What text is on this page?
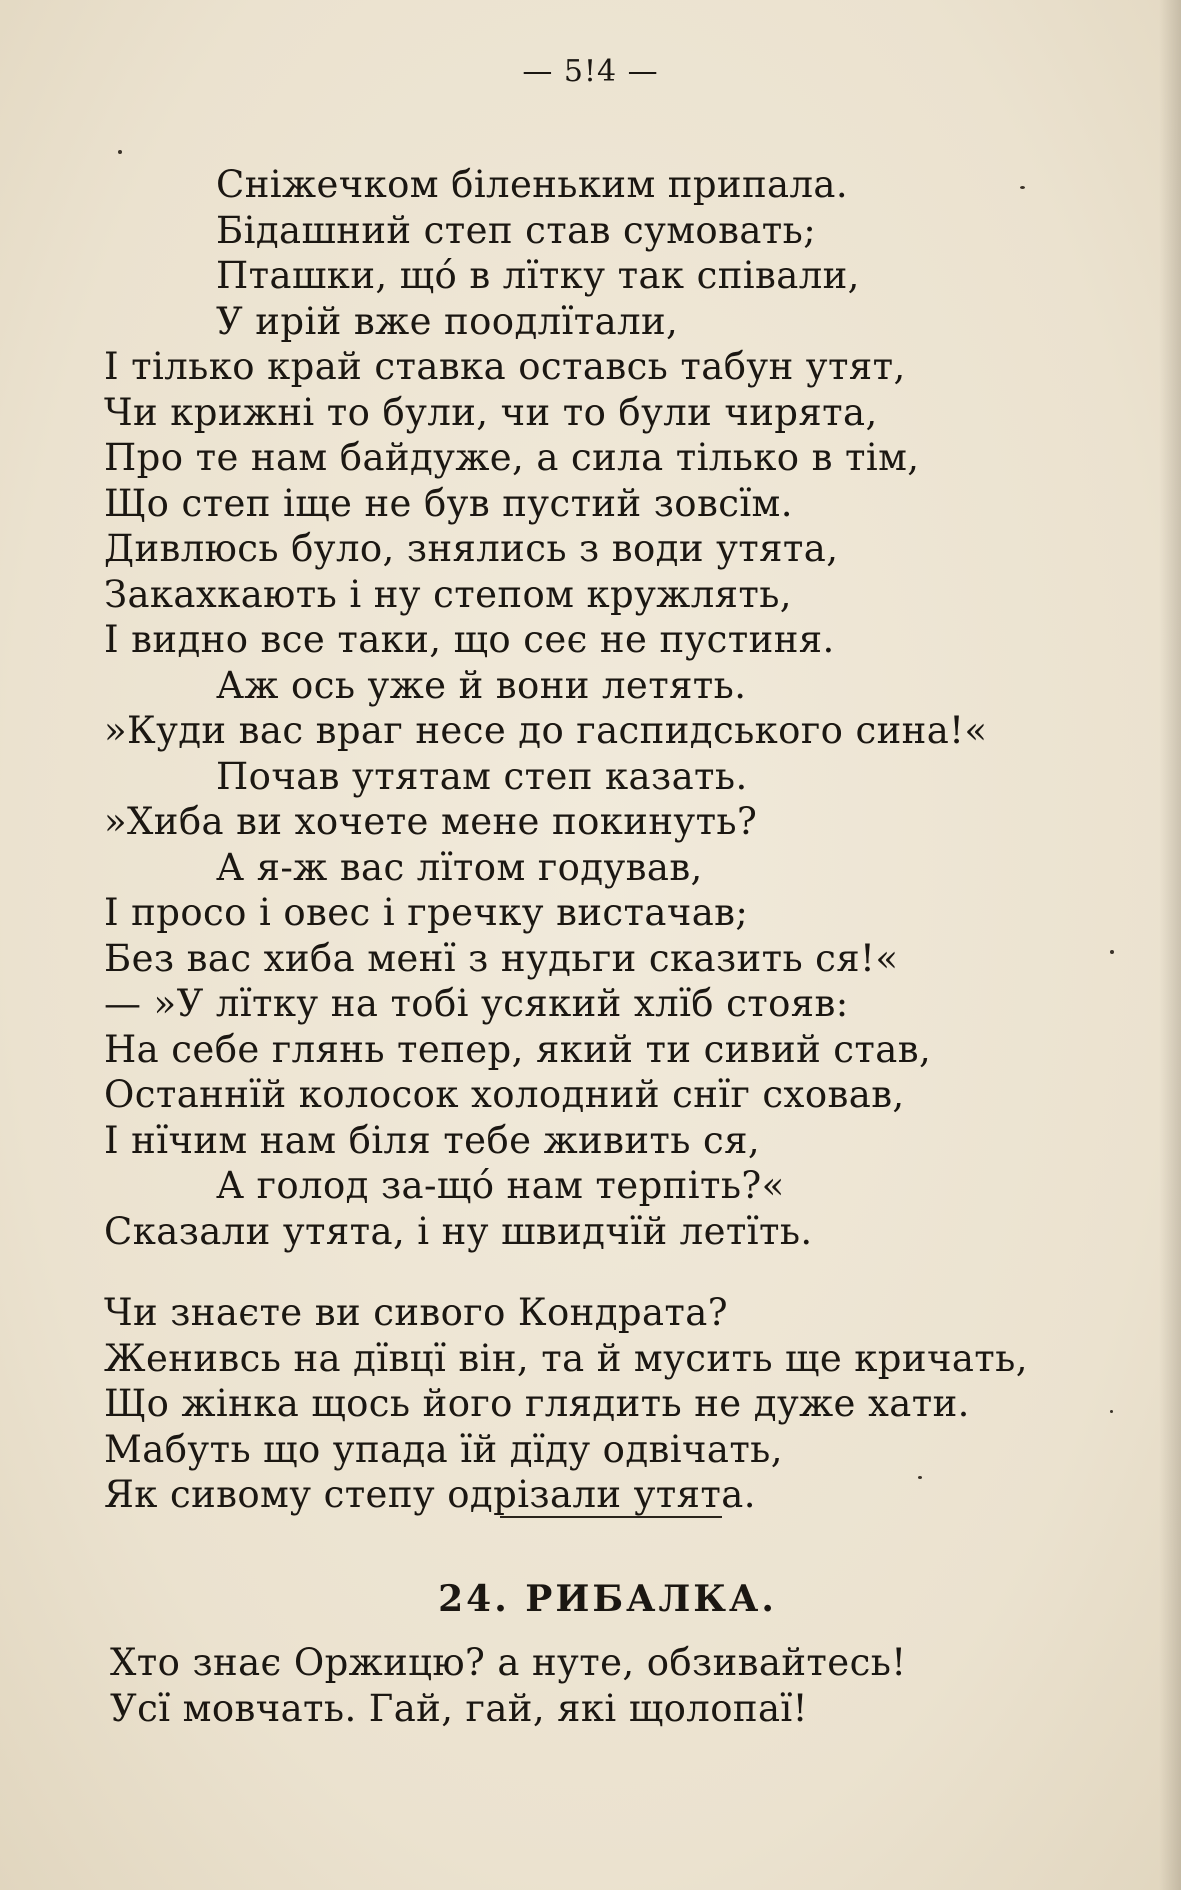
— 5!4 —
Сніжечком біленьким припала.
Бідашний степ став сумовать;
Пташки, щó в лїтку так співали,
У ирій вже поодлїтали,
І тілько край ставка оставсь табун утят,
Чи крижні то були, чи то були чирята,
Про те нам байдуже, а сила тілько в тім,
Що степ іще не був пустий зовсїм.
Дивлюсь було, знялись з води утята,
Закахкають і ну степом кружлять,
І видно все таки, що сеє не пустиня.
Аж ось уже й вони летять.
»Куди вас враг несе до гаспидського сина!«
Почав утятам степ казать.
»Хиба ви хочете мене покинуть?
А я-ж вас лїтом годував,
І просо і овес і гречку вистачав;
Без вас хиба менї з нудьги сказить ся!«
— »У лїтку на тобі усякий хлїб стояв:
На себе глянь тепер, який ти сивий став,
Останнїй колосок холодний снїг сховав,
І нїчим нам біля тебе живить ся,
А голод за-щó нам терпіть?«
Сказали утята, і ну швидчїй летїть.
Чи знаєте ви сивого Кондрата?
Женивсь на дївцї він, та й мусить ще кричать,
Що жінка щось його глядить не дуже хати.
Мабуть що упада їй дїду одвічать,
Як сивому степу одрізали утята.
24. РИБАЛКА.
Хто знає Оржицю? а нуте, обзивайтесь!
Усї мовчать. Гай, гай, які щолопаї!
